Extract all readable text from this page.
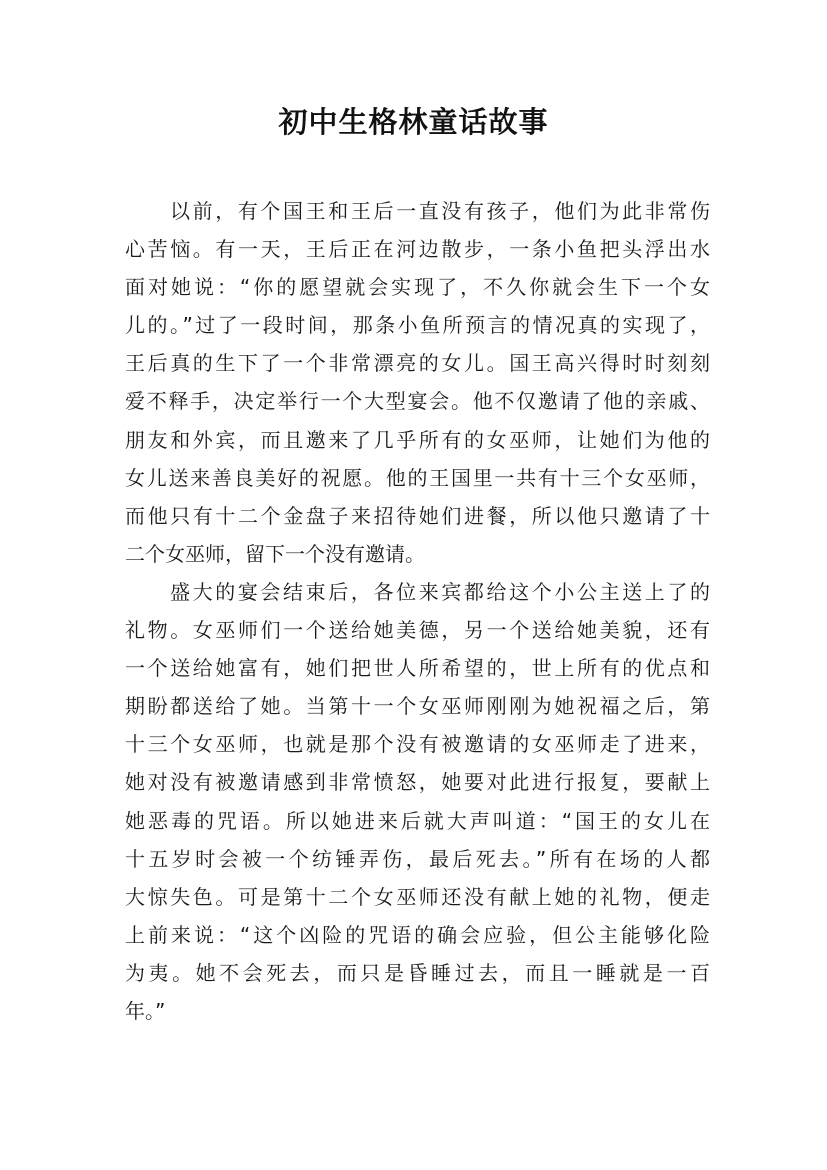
初中生格林童话故事
以前，有个国王和王后一直没有孩子，他们为此非常伤
心苦恼。有一天，王后正在河边散步，一条小鱼把头浮出水
面对她说：“你的愿望就会实现了，不久你就会生下一个女
儿的。”过了一段时间，那条小鱼所预言的情况真的实现了，
王后真的生下了一个非常漂亮的女儿。国王高兴得时时刻刻
爱不释手，决定举行一个大型宴会。他不仅邀请了他的亲戚、
朋友和外宾，而且邀来了几乎所有的女巫师，让她们为他的
女儿送来善良美好的祝愿。他的王国里一共有十三个女巫师，
而他只有十二个金盘子来招待她们进餐，所以他只邀请了十
二个女巫师，留下一个没有邀请。
盛大的宴会结束后，各位来宾都给这个小公主送上了的
礼物。女巫师们一个送给她美德，另一个送给她美貌，还有
一个送给她富有，她们把世人所希望的，世上所有的优点和
期盼都送给了她。当第十一个女巫师刚刚为她祝福之后，第
十三个女巫师，也就是那个没有被邀请的女巫师走了进来，
她对没有被邀请感到非常愤怒，她要对此进行报复，要献上
她恶毒的咒语。所以她进来后就大声叫道：“国王的女儿在
十五岁时会被一个纺锤弄伤，最后死去。”所有在场的人都
大惊失色。可是第十二个女巫师还没有献上她的礼物，便走
上前来说：“这个凶险的咒语的确会应验，但公主能够化险
为夷。她不会死去，而只是昏睡过去，而且一睡就是一百
年。”
